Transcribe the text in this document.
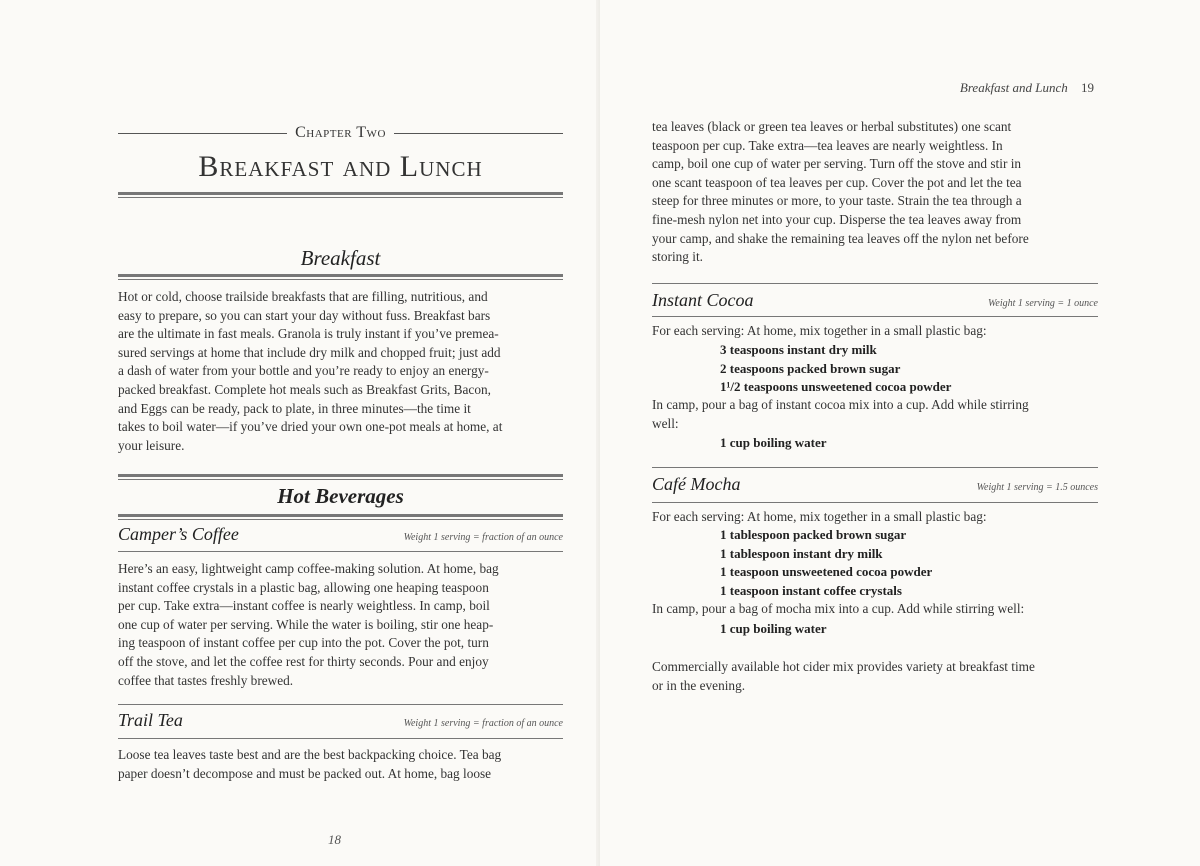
Chapter Two
Breakfast and Lunch
Breakfast
Hot or cold, choose trailside breakfasts that are filling, nutritious, and
easy to prepare, so you can start your day without fuss. Breakfast bars
are the ultimate in fast meals. Granola is truly instant if you’ve premea-
sured servings at home that include dry milk and chopped fruit; just add
a dash of water from your bottle and you’re ready to enjoy an energy-
packed breakfast. Complete hot meals such as Breakfast Grits, Bacon,
and Eggs can be ready, pack to plate, in three minutes—the time it
takes to boil water—if you’ve dried your own one-pot meals at home, at
your leisure.
Hot Beverages
Camper’s Coffee	Weight 1 serving = fraction of an ounce
Here’s an easy, lightweight camp coffee-making solution. At home, bag
instant coffee crystals in a plastic bag, allowing one heaping teaspoon
per cup. Take extra—instant coffee is nearly weightless. In camp, boil
one cup of water per serving. While the water is boiling, stir one heap-
ing teaspoon of instant coffee per cup into the pot. Cover the pot, turn
off the stove, and let the coffee rest for thirty seconds. Pour and enjoy
coffee that tastes freshly brewed.
Trail Tea	Weight 1 serving = fraction of an ounce
Loose tea leaves taste best and are the best backpacking choice. Tea bag
paper doesn’t decompose and must be packed out. At home, bag loose
18
Breakfast and Lunch 19
tea leaves (black or green tea leaves or herbal substitutes) one scant
teaspoon per cup. Take extra—tea leaves are nearly weightless. In
camp, boil one cup of water per serving. Turn off the stove and stir in
one scant teaspoon of tea leaves per cup. Cover the pot and let the tea
steep for three minutes or more, to your taste. Strain the tea through a
fine-mesh nylon net into your cup. Disperse the tea leaves away from
your camp, and shake the remaining tea leaves off the nylon net before
storing it.
Instant Cocoa	Weight 1 serving = 1 ounce
For each serving: At home, mix together in a small plastic bag:
3 teaspoons instant dry milk
2 teaspoons packed brown sugar
1¹/2 teaspoons unsweetened cocoa powder
In camp, pour a bag of instant cocoa mix into a cup. Add while stirring
well:
1 cup boiling water
Café Mocha	Weight 1 serving = 1.5 ounces
For each serving: At home, mix together in a small plastic bag:
1 tablespoon packed brown sugar
1 tablespoon instant dry milk
1 teaspoon unsweetened cocoa powder
1 teaspoon instant coffee crystals
In camp, pour a bag of mocha mix into a cup. Add while stirring well:
1 cup boiling water
Commercially available hot cider mix provides variety at breakfast time
or in the evening.
